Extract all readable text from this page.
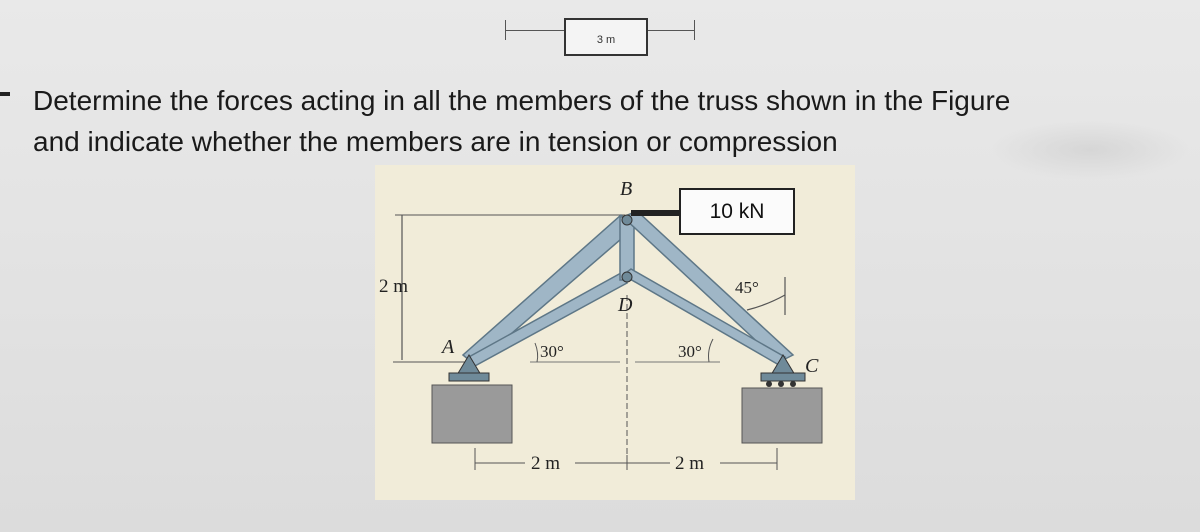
3 m
Determine the forces acting in all the members of the truss shown in the Figure
and indicate whether the members are in tension or compression
2 m	45°
30°	30°
A
B
C
D
2 m	2 m
10 kN
